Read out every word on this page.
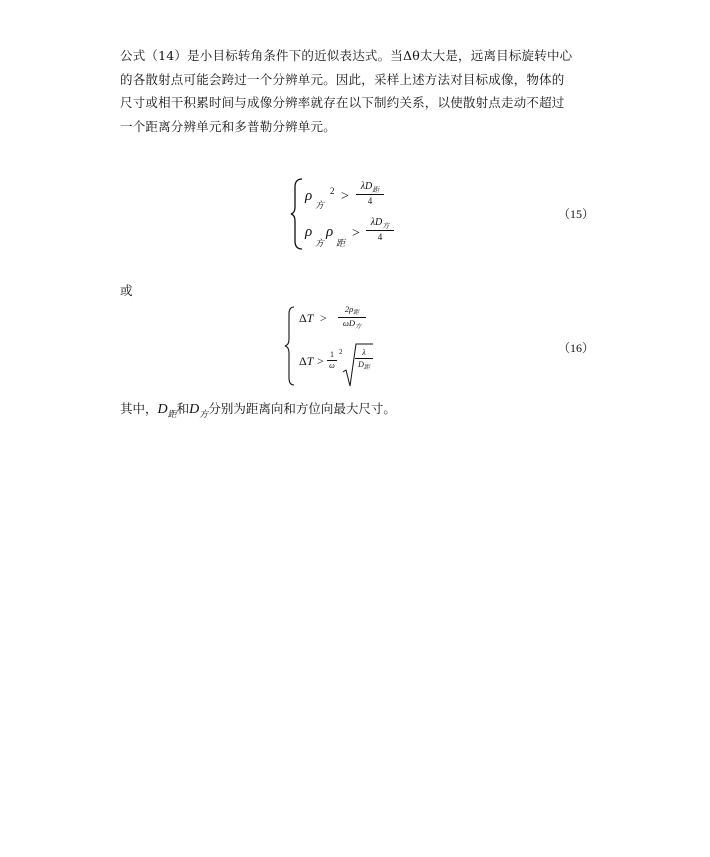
公式（14）是小目标转角条件下的近似表达式。当Δθ太大是，远离目标旋转中心
的各散射点可能会跨过一个分辨单元。因此，采样上述方法对目标成像，物体的
尺寸或相干积累时间与成像分辨率就存在以下制约关系，以使散射点走动不超过
一个距离分辨单元和多普勒分辨单元。
ρ
方
2 >
$\lambda D_距$
4
ρ
方
ρ
距
>
$\lambda D_方$
4
（15）
或
ΔT >
$2\rho_距$
$\omega D_方$
ΔT > 1
ω
2	λ
$D_距$
（16）
其中，$D_距$和$D_方$分别为距离向和方位向最大尺寸。
